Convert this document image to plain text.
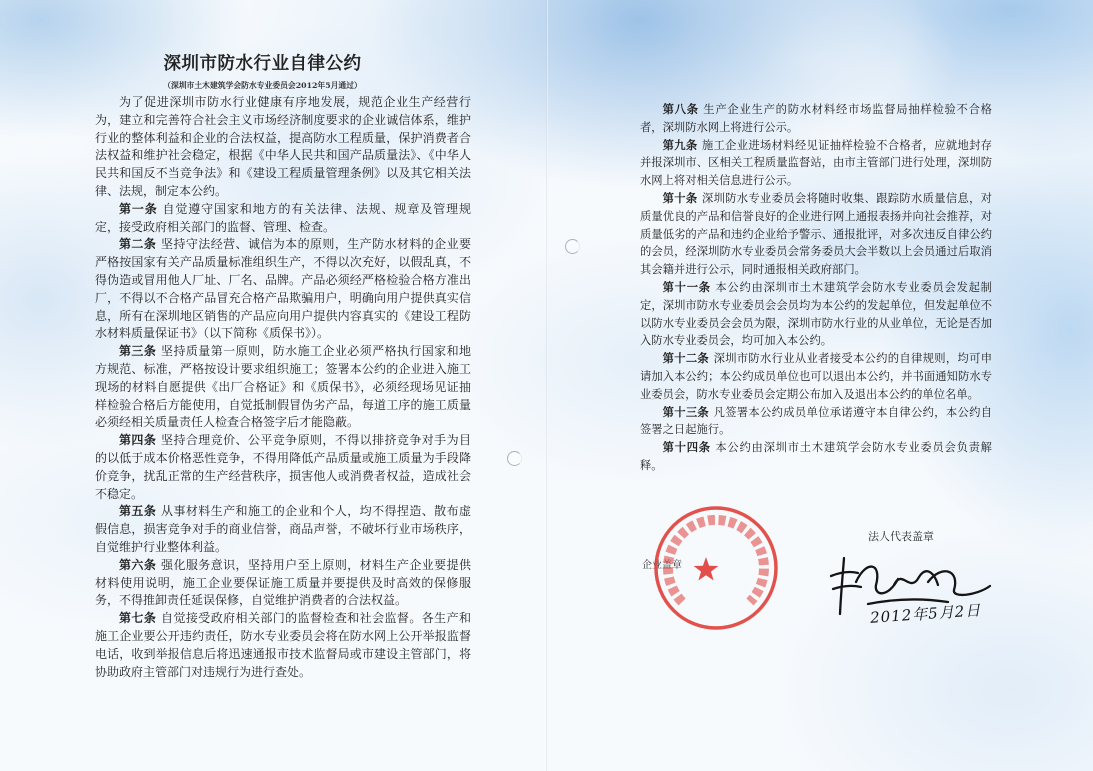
深圳市防水行业自律公约
（深圳市土木建筑学会防水专业委员会2012年5月通过）

为了促进深圳市防水行业健康有序地发展，规范企业生产经营行为，建立和完善符合社会主义市场经济制度要求的企业诚信体系，维护行业的整体利益和企业的合法权益，提高防水工程质量，保护消费者合法权益和维护社会稳定，根据《中华人民共和国产品质量法》、《中华人民共和国反不当竞争法》和《建设工程质量管理条例》以及其它相关法律、法规，制定本公约。

第一条 自觉遵守国家和地方的有关法律、法规、规章及管理规定，接受政府相关部门的监督、管理、检查。

第二条 坚持守法经营、诚信为本的原则，生产防水材料的企业要严格按国家有关产品质量标准组织生产，不得以次充好，以假乱真，不得伪造或冒用他人厂址、厂名、品牌。产品必须经严格检验合格方准出厂，不得以不合格产品冒充合格产品欺骗用户，明确向用户提供真实信息，所有在深圳地区销售的产品应向用户提供内容真实的《建设工程防水材料质量保证书》（以下简称《质保书》）。

第三条 坚持质量第一原则，防水施工企业必须严格执行国家和地方规范、标准，严格按设计要求组织施工；签署本公约的企业进入施工现场的材料自愿提供《出厂合格证》和《质保书》，必须经现场见证抽样检验合格后方能使用，自觉抵制假冒伪劣产品，每道工序的施工质量必须经相关质量责任人检查合格签字后才能隐蔽。

第四条 坚持合理竞价、公平竞争原则，不得以排挤竞争对手为目的以低于成本价格恶性竞争，不得用降低产品质量或施工质量为手段降价竞争，扰乱正常的生产经营秩序，损害他人或消费者权益，造成社会不稳定。

第五条 从事材料生产和施工的企业和个人，均不得捏造、散布虚假信息，损害竞争对手的商业信誉，商品声誉，不破坏行业市场秩序，自觉维护行业整体利益。

第六条 强化服务意识，坚持用户至上原则，材料生产企业要提供材料使用说明，施工企业要保证施工质量并要提供及时高效的保修服务，不得推卸责任延误保修，自觉维护消费者的合法权益。

第七条 自觉接受政府相关部门的监督检查和社会监督。各生产和施工企业要公开违约责任，防水专业委员会将在防水网上公开举报监督电话，收到举报信息后将迅速通报市技术监督局或市建设主管部门，将协助政府主管部门对违规行为进行查处。

第八条 生产企业生产的防水材料经市场监督局抽样检验不合格者，深圳防水网上将进行公示。

第九条 施工企业进场材料经见证抽样检验不合格者，应就地封存并报深圳市、区相关工程质量监督站，由市主管部门进行处理，深圳防水网上将对相关信息进行公示。

第十条 深圳防水专业委员会将随时收集、跟踪防水质量信息，对质量优良的产品和信誉良好的企业进行网上通报表扬并向社会推荐，对质量低劣的产品和违约企业给予警示、通报批评，对多次违反自律公约的会员，经深圳防水专业委员会常务委员大会半数以上会员通过后取消其会籍并进行公示，同时通报相关政府部门。

第十一条 本公约由深圳市土木建筑学会防水专业委员会发起制定，深圳市防水专业委员会会员均为本公约的发起单位，但发起单位不以防水专业委员会会员为限，深圳市防水行业的从业单位，无论是否加入防水专业委员会，均可加入本公约。

第十二条 深圳市防水行业从业者接受本公约的自律规则，均可申请加入本公约；本公约成员单位也可以退出本公约，并书面通知防水专业委员会，防水专业委员会定期公布加入及退出本公约的单位名单。

第十三条 凡签署本公约成员单位承诺遵守本自律公约，本公约自签署之日起施行。

第十四条 本公约由深圳市土木建筑学会防水专业委员会负责解释。

企业盖章
法人代表盖章
2012年5月2日
